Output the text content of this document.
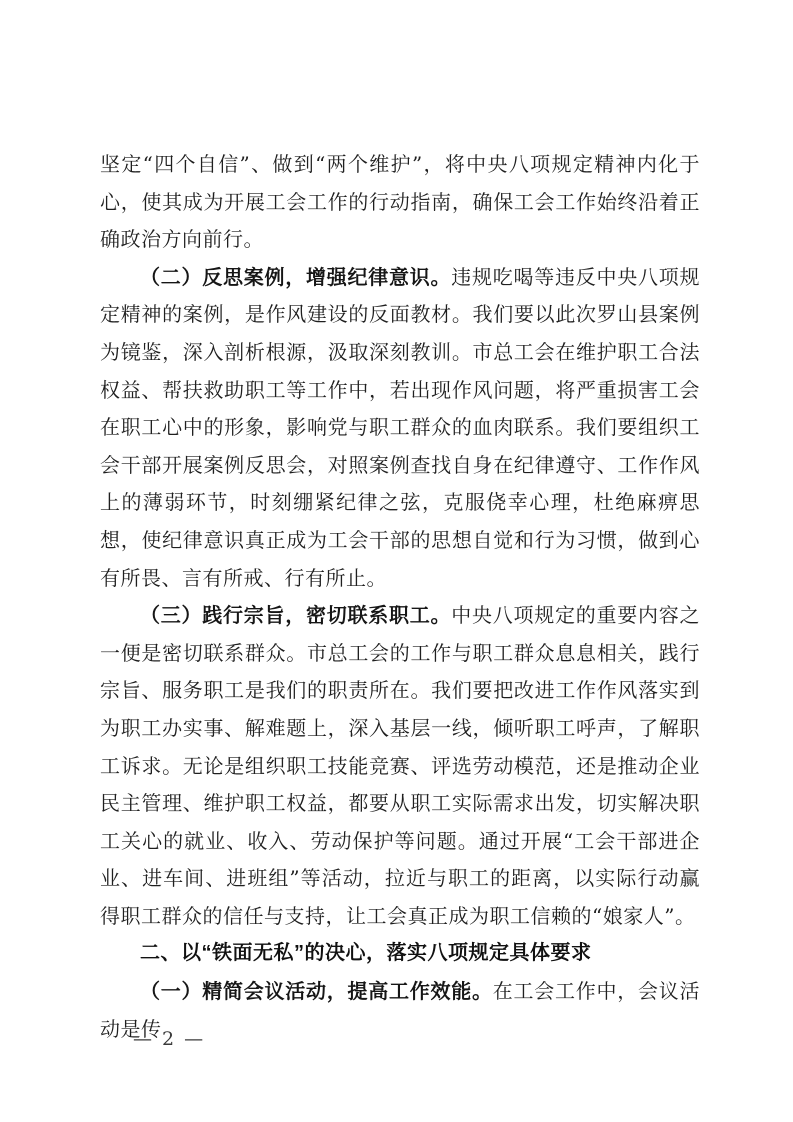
坚定“四个自信”、做到“两个维护”，将中央八项规定精神内化于心，使其成为开展工会工作的行动指南，确保工会工作始终沿着正确政治方向前行。

（二）反思案例，增强纪律意识。违规吃喝等违反中央八项规定精神的案例，是作风建设的反面教材。我们要以此次罗山县案例为镜鉴，深入剖析根源，汲取深刻教训。市总工会在维护职工合法权益、帮扶救助职工等工作中，若出现作风问题，将严重损害工会在职工心中的形象，影响党与职工群众的血肉联系。我们要组织工会干部开展案例反思会，对照案例查找自身在纪律遵守、工作作风上的薄弱环节，时刻绷紧纪律之弦，克服侥幸心理，杜绝麻痹思想，使纪律意识真正成为工会干部的思想自觉和行为习惯，做到心有所畏、言有所戒、行有所止。

（三）践行宗旨，密切联系职工。中央八项规定的重要内容之一便是密切联系群众。市总工会的工作与职工群众息息相关，践行宗旨、服务职工是我们的职责所在。我们要把改进工作作风落实到为职工办实事、解难题上，深入基层一线，倾听职工呼声，了解职工诉求。无论是组织职工技能竞赛、评选劳动模范，还是推动企业民主管理、维护职工权益，都要从职工实际需求出发，切实解决职工关心的就业、收入、劳动保护等问题。通过开展“工会干部进企业、进车间、进班组”等活动，拉近与职工的距离，以实际行动赢得职工群众的信任与支持，让工会真正成为职工信赖的“娘家人”。

二、以“铁面无私”的决心，落实八项规定具体要求

（一）精简会议活动，提高工作效能。在工会工作中，会议活动是传

— 2 —
